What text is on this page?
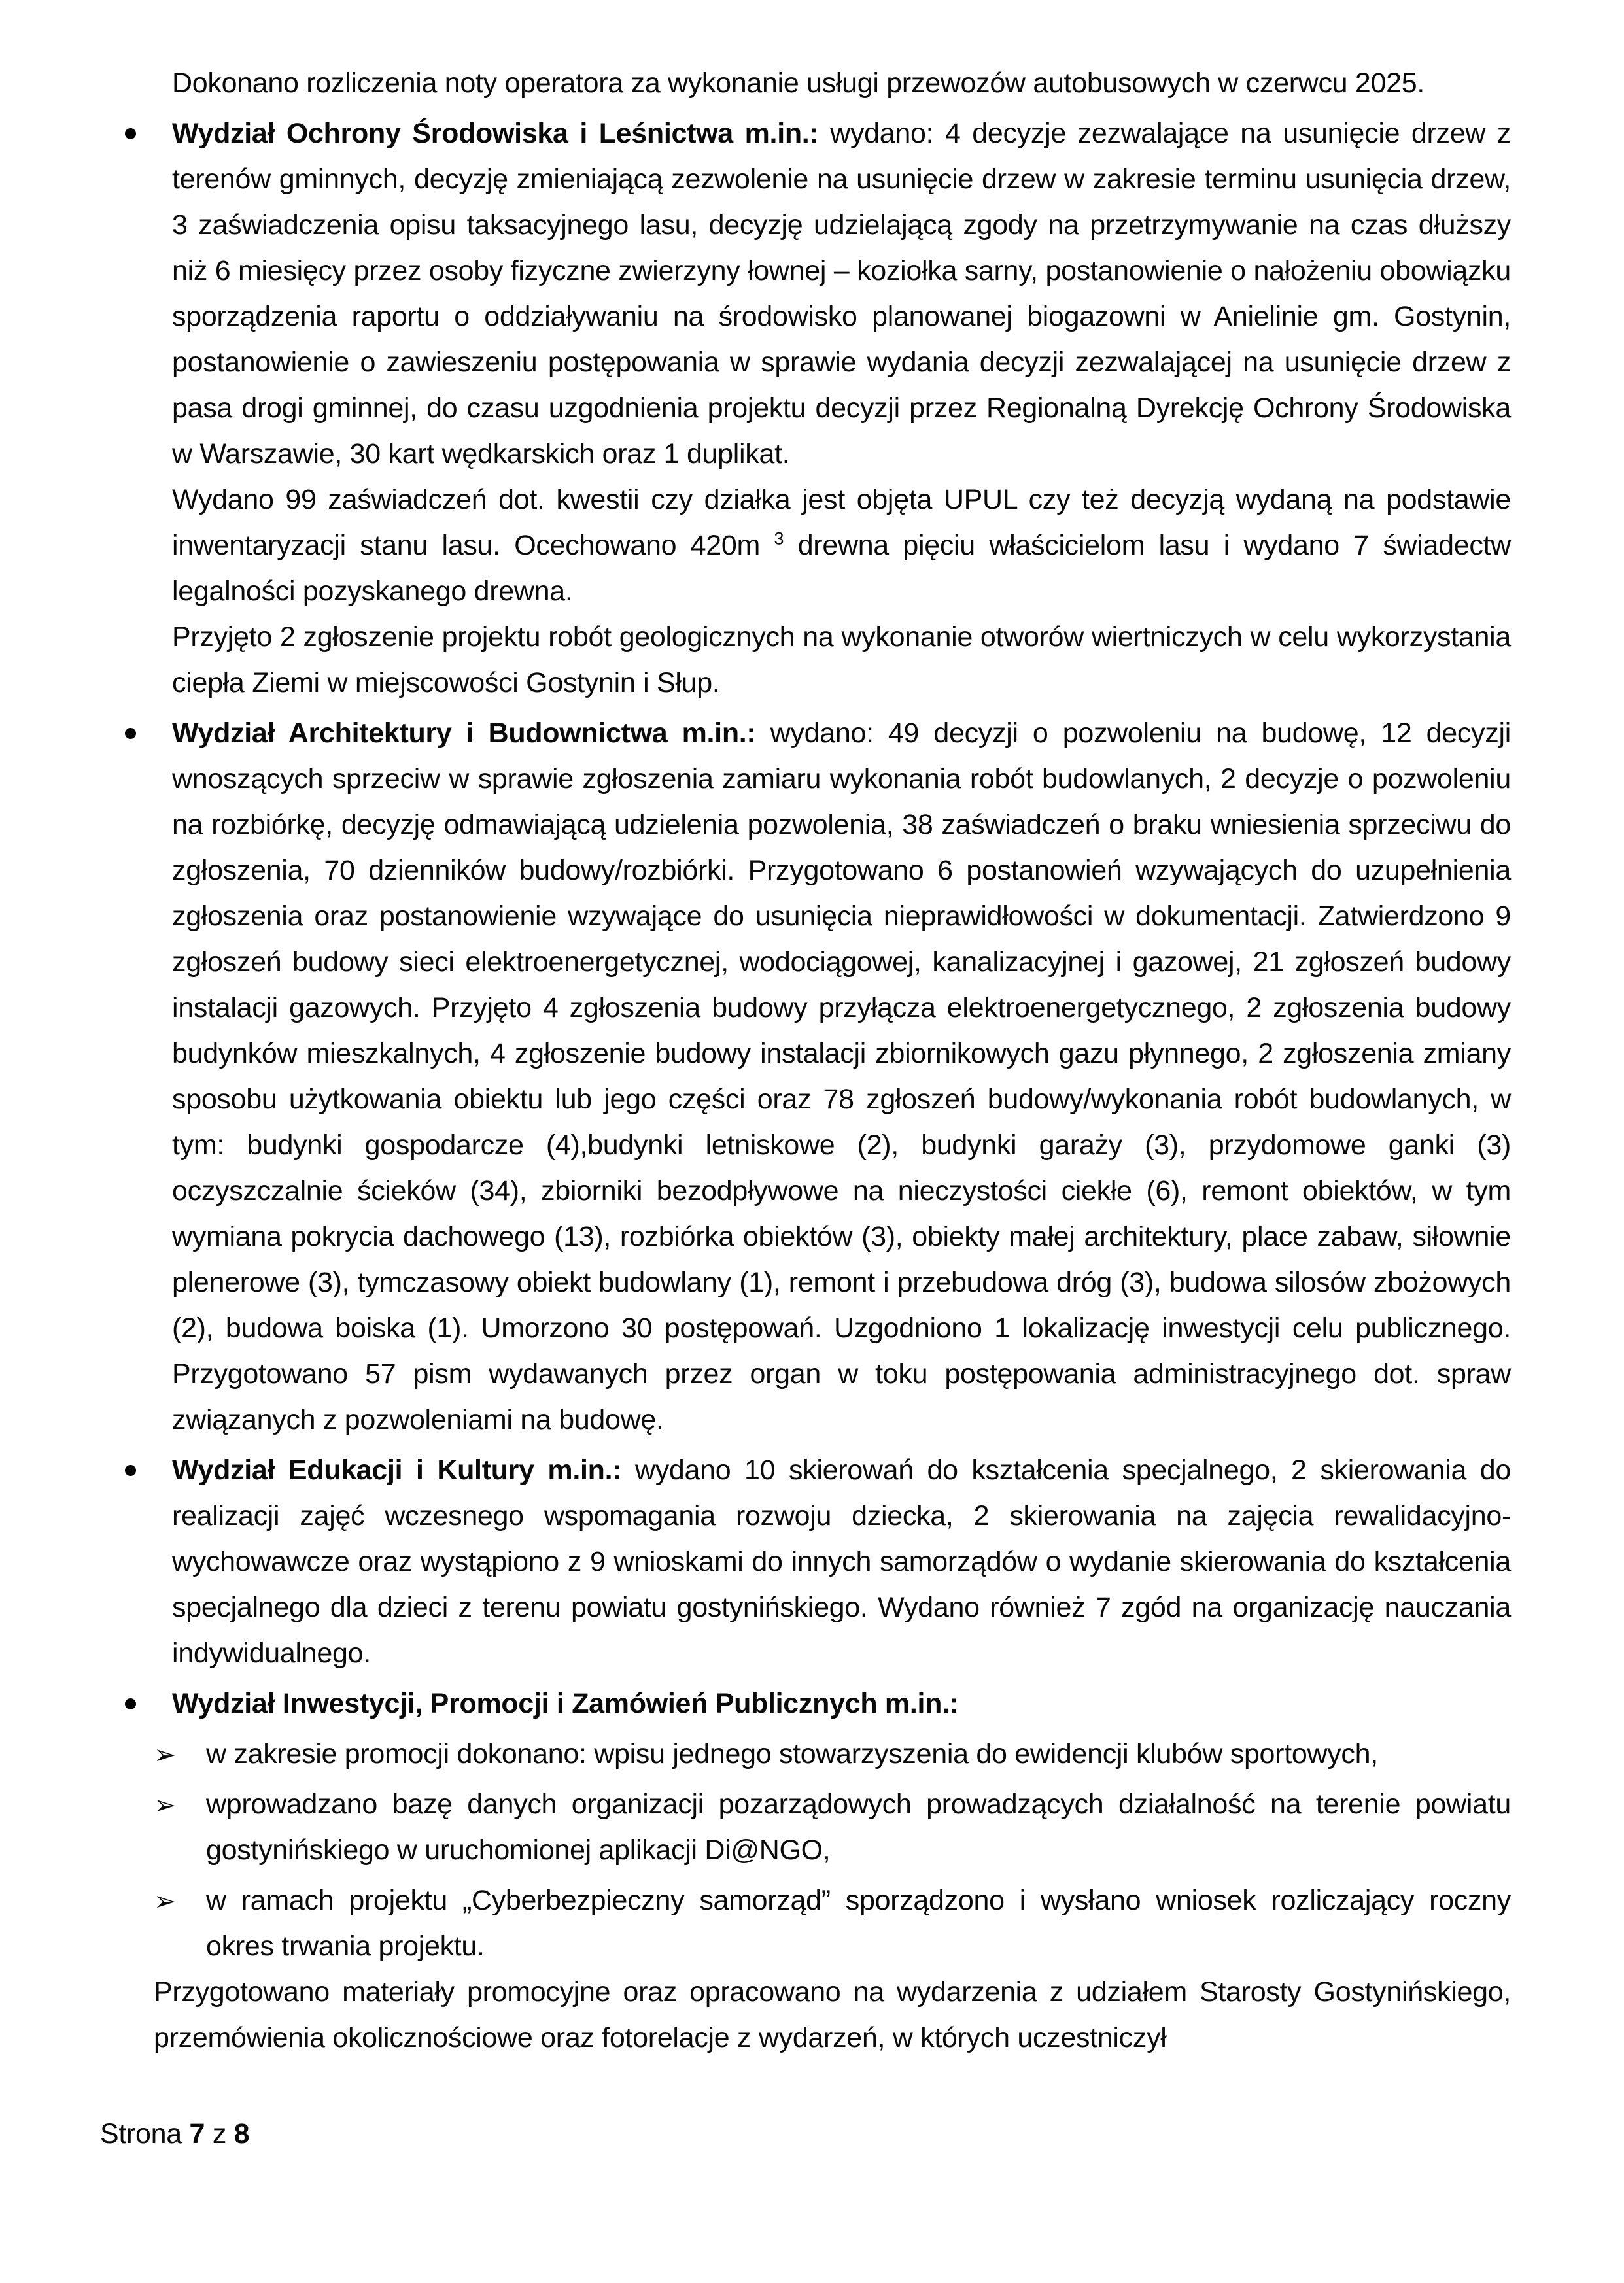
Dokonano rozliczenia noty operatora za wykonanie usługi przewozów autobusowych w czerwcu 2025.

Wydział Ochrony Środowiska i Leśnictwa m.in.: wydano: 4 decyzje zezwalające na usunięcie drzew z terenów gminnych, decyzję zmieniającą zezwolenie na usunięcie drzew w zakresie terminu usunięcia drzew, 3 zaświadczenia opisu taksacyjnego lasu, decyzję udzielającą zgody na przetrzymywanie na czas dłuższy niż 6 miesięcy przez osoby fizyczne zwierzyny łownej – koziołka sarny, postanowienie o nałożeniu obowiązku sporządzenia raportu o oddziaływaniu na środowisko planowanej biogazowni w Anielinie gm. Gostynin, postanowienie o zawieszeniu postępowania w sprawie wydania decyzji zezwalającej na usunięcie drzew z pasa drogi gminnej, do czasu uzgodnienia projektu decyzji przez Regionalną Dyrekcję Ochrony Środowiska w Warszawie, 30 kart wędkarskich oraz 1 duplikat.

Wydano 99 zaświadczeń dot. kwestii czy działka jest objęta UPUL czy też decyzją wydaną na podstawie inwentaryzacji stanu lasu. Ocechowano 420m $^3$ drewna pięciu właścicielom lasu i wydano 7 świadectw legalności pozyskanego drewna.

Przyjęto 2 zgłoszenie projektu robót geologicznych na wykonanie otworów wiertniczych w celu wykorzystania ciepła Ziemi w miejscowości Gostynin i Słup.

Wydział Architektury i Budownictwa m.in.: wydano: 49 decyzji o pozwoleniu na budowę, 12 decyzji wnoszących sprzeciw w sprawie zgłoszenia zamiaru wykonania robót budowlanych, 2 decyzje o pozwoleniu na rozbiórkę, decyzję odmawiającą udzielenia pozwolenia, 38 zaświadczeń o braku wniesienia sprzeciwu do zgłoszenia, 70 dzienników budowy/rozbiórki. Przygotowano 6 postanowień wzywających do uzupełnienia zgłoszenia oraz postanowienie wzywające do usunięcia nieprawidłowości w dokumentacji. Zatwierdzono 9 zgłoszeń budowy sieci elektroenergetycznej, wodociągowej, kanalizacyjnej i gazowej, 21 zgłoszeń budowy instalacji gazowych. Przyjęto 4 zgłoszenia budowy przyłącza elektroenergetycznego, 2 zgłoszenia budowy budynków mieszkalnych, 4 zgłoszenie budowy instalacji zbiornikowych gazu płynnego, 2 zgłoszenia zmiany sposobu użytkowania obiektu lub jego części oraz 78 zgłoszeń budowy/wykonania robót budowlanych, w tym: budynki gospodarcze (4),budynki letniskowe (2), budynki garaży (3), przydomowe ganki (3) oczyszczalnie ścieków (34), zbiorniki bezodpływowe na nieczystości ciekłe (6), remont obiektów, w tym wymiana pokrycia dachowego (13), rozbiórka obiektów (3), obiekty małej architektury, place zabaw, siłownie plenerowe (3), tymczasowy obiekt budowlany (1), remont i przebudowa dróg (3), budowa silosów zbożowych (2), budowa boiska (1). Umorzono 30 postępowań. Uzgodniono 1 lokalizację inwestycji celu publicznego. Przygotowano 57 pism wydawanych przez organ w toku postępowania administracyjnego dot. spraw związanych z pozwoleniami na budowę.

Wydział Edukacji i Kultury m.in.: wydano 10 skierowań do kształcenia specjalnego, 2 skierowania do realizacji zajęć wczesnego wspomagania rozwoju dziecka, 2 skierowania na zajęcia rewalidacyjno-wychowawcze oraz wystąpiono z 9 wnioskami do innych samorządów o wydanie skierowania do kształcenia specjalnego dla dzieci z terenu powiatu gostynińskiego. Wydano również 7 zgód na organizację nauczania indywidualnego.

Wydział Inwestycji, Promocji i Zamówień Publicznych m.in.:

➢ w zakresie promocji dokonano: wpisu jednego stowarzyszenia do ewidencji klubów sportowych,

➢ wprowadzano bazę danych organizacji pozarządowych prowadzących działalność na terenie powiatu gostynińskiego w uruchomionej aplikacji Di@NGO,

➢ w ramach projektu „Cyberbezpieczny samorząd” sporządzono i wysłano wniosek rozliczający roczny okres trwania projektu.

Przygotowano materiały promocyjne oraz opracowano na wydarzenia z udziałem Starosty Gostynińskiego, przemówienia okolicznościowe oraz fotorelacje z wydarzeń, w których uczestniczył

Strona 7 z 8
